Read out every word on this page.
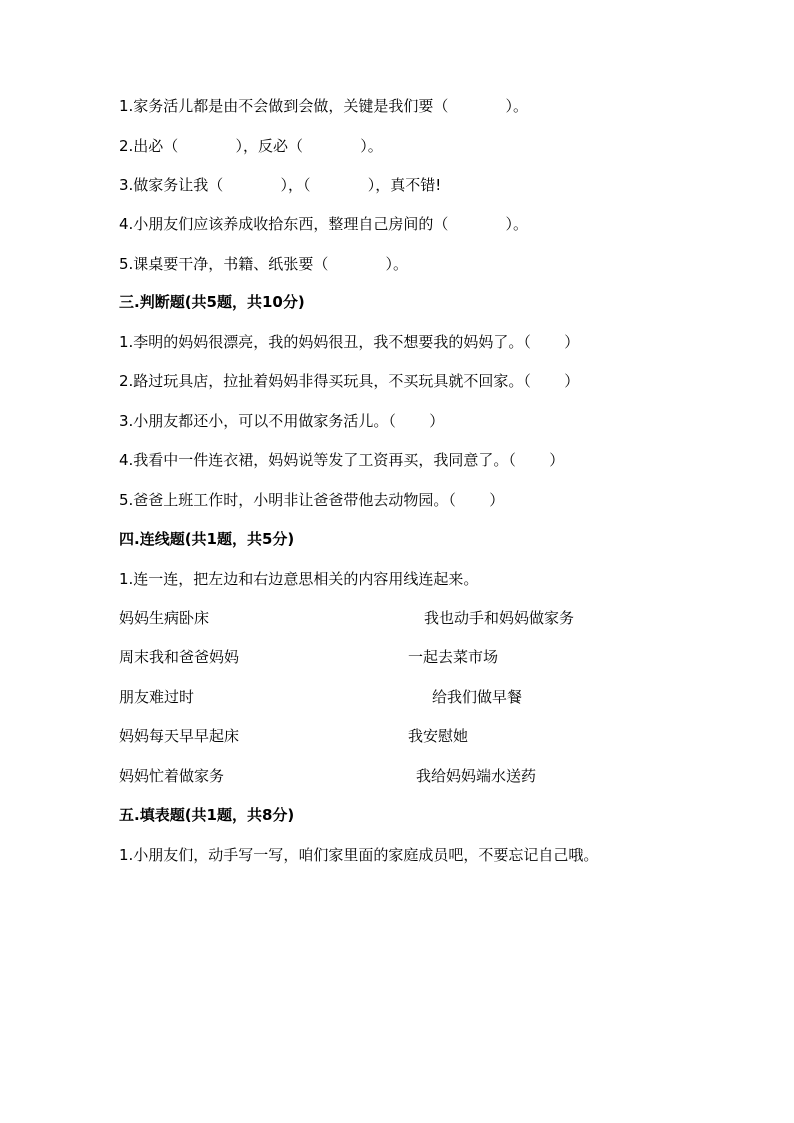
1.家务活儿都是由不会做到会做，关键是我们要（            ）。
2.出必（            ），反必（            ）。
3.做家务让我（            ），（            ），真不错!
4.小朋友们应该养成收拾东西，整理自己房间的（            ）。
5.课桌要干净，书籍、纸张要（            ）。
三.判断题(共5题，共10分)
1.李明的妈妈很漂亮，我的妈妈很丑，我不想要我的妈妈了。（       ）
2.路过玩具店，拉扯着妈妈非得买玩具，不买玩具就不回家。（       ）
3.小朋友都还小，可以不用做家务活儿。（       ）
4.我看中一件连衣裙，妈妈说等发了工资再买，我同意了。（       ）
5.爸爸上班工作时，小明非让爸爸带他去动物园。（       ）
四.连线题(共1题，共5分)
1.连一连，把左边和右边意思相关的内容用线连起来。
妈妈生病卧床	我也动手和妈妈做家务
周末我和爸爸妈妈	一起去菜市场
朋友难过时	给我们做早餐
妈妈每天早早起床	我安慰她
妈妈忙着做家务	我给妈妈端水送药
五.填表题(共1题，共8分)
1.小朋友们，动手写一写，咱们家里面的家庭成员吧，不要忘记自己哦。
